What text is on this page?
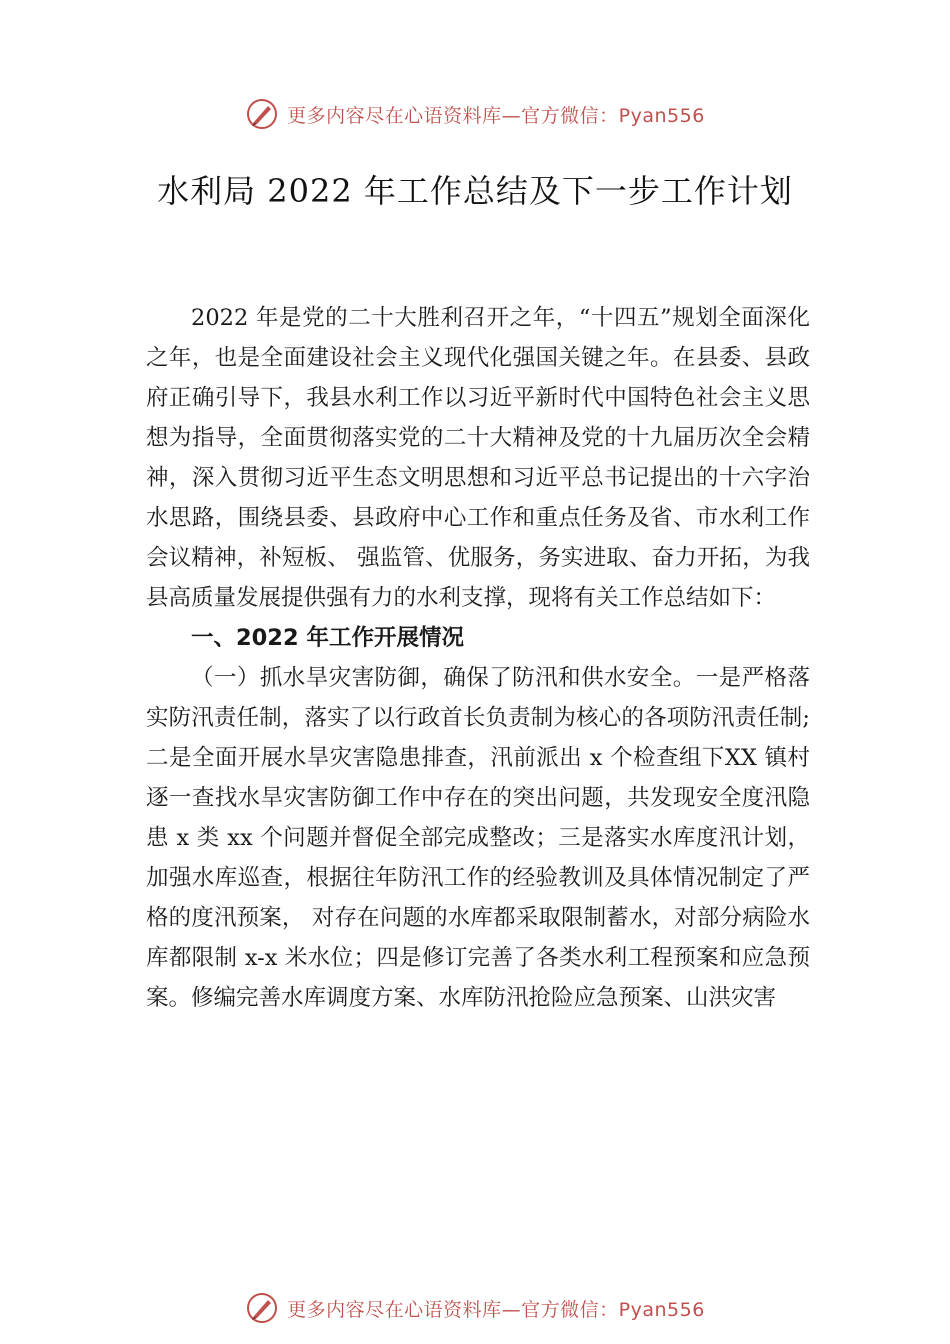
更多内容尽在心语资料库—官方微信：Pyan556
水利局 2022 年工作总结及下一步工作计划

2022 年是党的二十大胜利召开之年，“十四五”规划全面深化之年，也是全面建设社会主义现代化强国关键之年。在县委、县政府正确引导下，我县水利工作以习近平新时代中国特色社会主义思想为指导，全面贯彻落实党的二十大精神及党的十九届历次全会精神，深入贯彻习近平生态文明思想和习近平总书记提出的十六字治水思路，围绕县委、县政府中心工作和重点任务及省、市水利工作会议精神，补短板、 强监管、优服务，务实进取、奋力开拓，为我县高质量发展提供强有力的水利支撑，现将有关工作总结如下：

一、2022 年工作开展情况

（一）抓水旱灾害防御，确保了防汛和供水安全。一是严格落实防汛责任制，落实了以行政首长负责制为核心的各项防汛责任制;二是全面开展水旱灾害隐患排查，汛前派出 x 个检查组下XX 镇村逐一查找水旱灾害防御工作中存在的突出问题，共发现安全度汛隐患 x 类 xx 个问题并督促全部完成整改；三是落实水库度汛计划，加强水库巡查，根据往年防汛工作的经验教训及具体情况制定了严格的度汛预案， 对存在问题的水库都采取限制蓄水，对部分病险水库都限制 x-x 米水位；四是修订完善了各类水利工程预案和应急预案。修编完善水库调度方案、水库防汛抢险应急预案、山洪灾害

更多内容尽在心语资料库—官方微信：Pyan556
